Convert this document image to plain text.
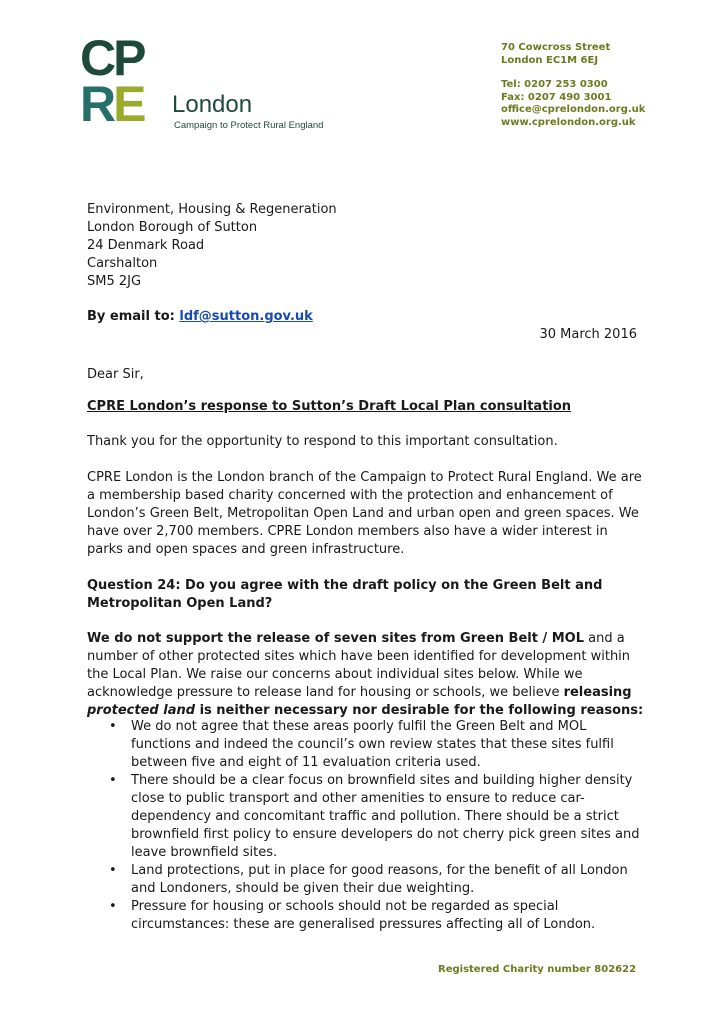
CP
RE London
Campaign to Protect Rural England
70 Cowcross Street
London EC1M 6EJ
Tel: 0207 253 0300
Fax: 0207 490 3001
office@cprelondon.org.uk
www.cprelondon.org.uk
Environment, Housing & Regeneration
London Borough of Sutton
24 Denmark Road
Carshalton
SM5 2JG
By email to: ldf@sutton.gov.uk
30 March 2016
Dear Sir,
CPRE London’s response to Sutton’s Draft Local Plan consultation
Thank you for the opportunity to respond to this important consultation.
CPRE London is the London branch of the Campaign to Protect Rural England. We are a membership based charity concerned with the protection and enhancement of London’s Green Belt, Metropolitan Open Land and urban open and green spaces. We have over 2,700 members. CPRE London members also have a wider interest in parks and open spaces and green infrastructure.
Question 24: Do you agree with the draft policy on the Green Belt and Metropolitan Open Land?
We do not support the release of seven sites from Green Belt / MOL and a number of other protected sites which have been identified for development within the Local Plan. We raise our concerns about individual sites below. While we acknowledge pressure to release land for housing or schools, we believe releasing protected land is neither necessary nor desirable for the following reasons:
• We do not agree that these areas poorly fulfil the Green Belt and MOL functions and indeed the council’s own review states that these sites fulfil between five and eight of 11 evaluation criteria used.
• There should be a clear focus on brownfield sites and building higher density close to public transport and other amenities to ensure to reduce car-dependency and concomitant traffic and pollution. There should be a strict brownfield first policy to ensure developers do not cherry pick green sites and leave brownfield sites.
• Land protections, put in place for good reasons, for the benefit of all London and Londoners, should be given their due weighting.
• Pressure for housing or schools should not be regarded as special circumstances: these are generalised pressures affecting all of London.
Registered Charity number 802622
